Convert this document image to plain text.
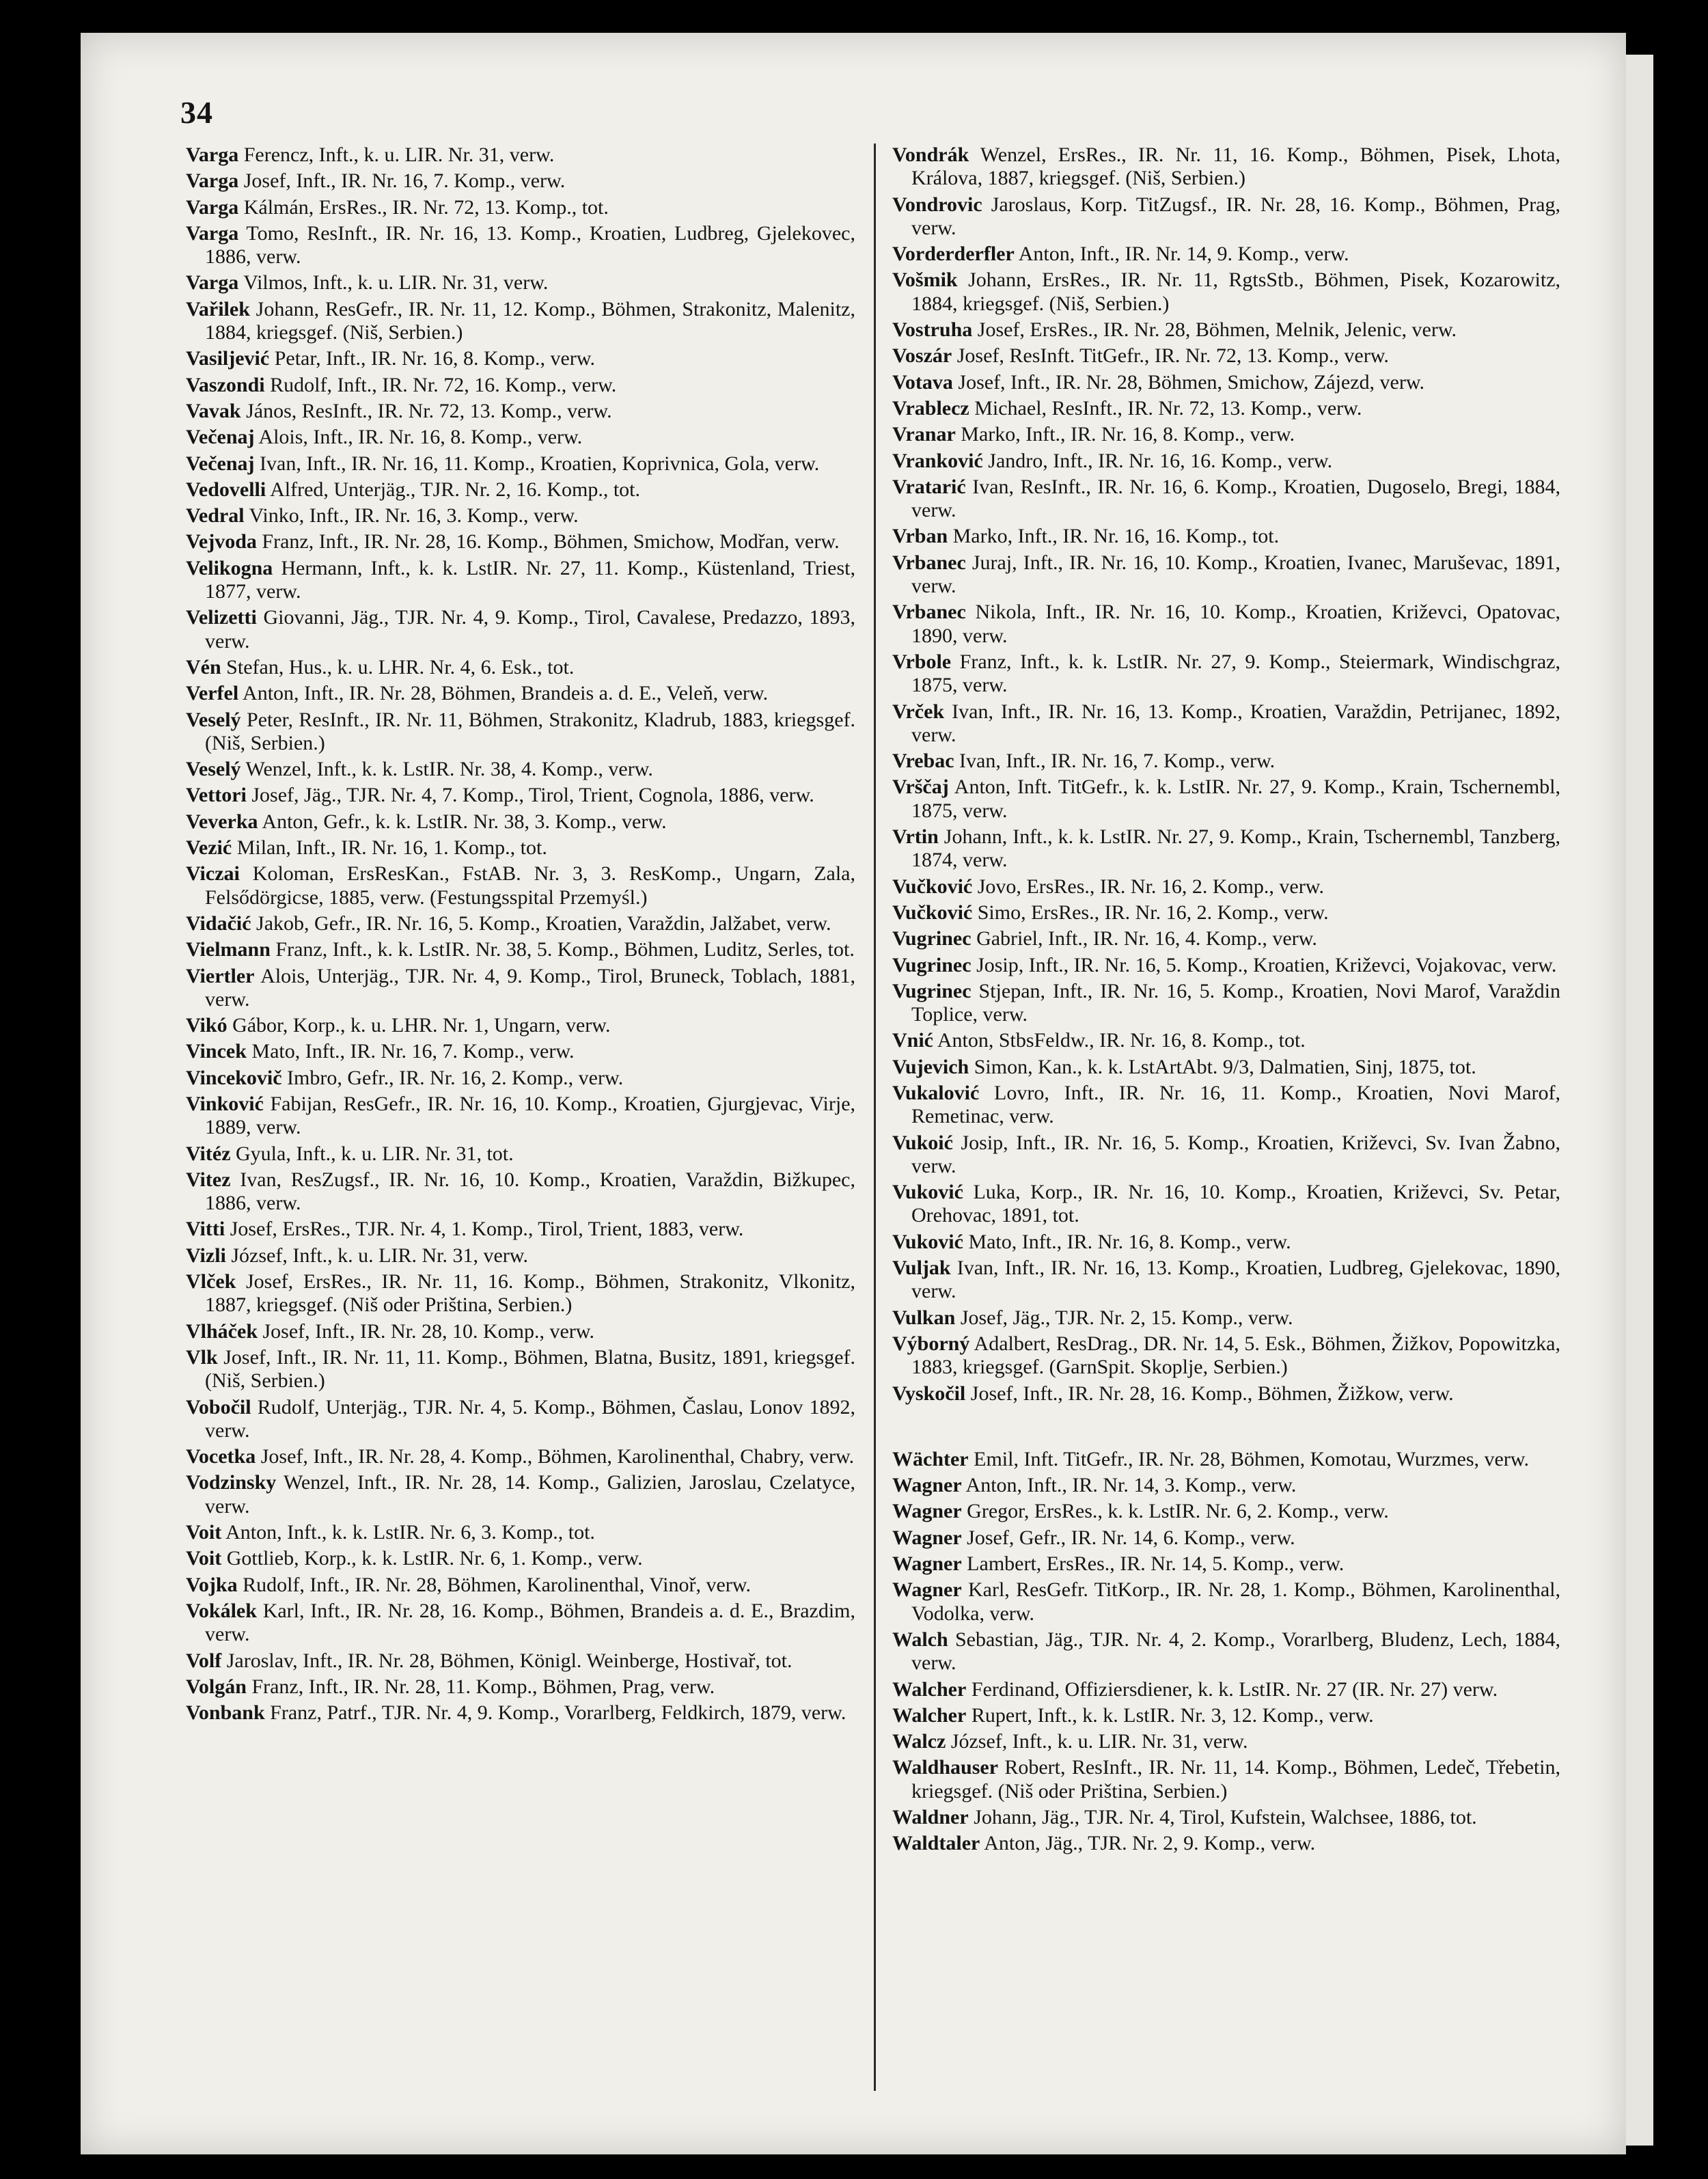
34

Varga Ferencz, Inft., k. u. LIR. Nr. 31, verw.

Varga Josef, Inft., IR. Nr. 16, 7. Komp., verw.

Varga Kálmán, ErsRes., IR. Nr. 72, 13. Komp., tot.

Varga Tomo, ResInft., IR. Nr. 16, 13. Komp., Kroatien, Ludbreg, Gjelekovec, 1886, verw.

Varga Vilmos, Inft., k. u. LIR. Nr. 31, verw.

Vařilek Johann, ResGefr., IR. Nr. 11, 12. Komp., Böhmen, Strakonitz, Malenitz, 1884, kriegsgef. (Niš, Serbien.)

Vasiljević Petar, Inft., IR. Nr. 16, 8. Komp., verw.

Vaszondi Rudolf, Inft., IR. Nr. 72, 16. Komp., verw.

Vavak János, ResInft., IR. Nr. 72, 13. Komp., verw.

Večenaj Alois, Inft., IR. Nr. 16, 8. Komp., verw.

Večenaj Ivan, Inft., IR. Nr. 16, 11. Komp., Kroatien, Koprivnica, Gola, verw.

Vedovelli Alfred, Unterjäg., TJR. Nr. 2, 16. Komp., tot.

Vedral Vinko, Inft., IR. Nr. 16, 3. Komp., verw.

Vejvoda Franz, Inft., IR. Nr. 28, 16. Komp., Böhmen, Smichow, Modřan, verw.

Velikogna Hermann, Inft., k. k. LstIR. Nr. 27, 11. Komp., Küstenland, Triest, 1877, verw.

Velizetti Giovanni, Jäg., TJR. Nr. 4, 9. Komp., Tirol, Cavalese, Predazzo, 1893, verw.

Vén Stefan, Hus., k. u. LHR. Nr. 4, 6. Esk., tot.

Verfel Anton, Inft., IR. Nr. 28, Böhmen, Brandeis a. d. E., Veleň, verw.

Veselý Peter, ResInft., IR. Nr. 11, Böhmen, Strakonitz, Kladrub, 1883, kriegsgef. (Niš, Serbien.)

Veselý Wenzel, Inft., k. k. LstIR. Nr. 38, 4. Komp., verw.

Vettori Josef, Jäg., TJR. Nr. 4, 7. Komp., Tirol, Trient, Cognola, 1886, verw.

Veverka Anton, Gefr., k. k. LstIR. Nr. 38, 3. Komp., verw.

Vezić Milan, Inft., IR. Nr. 16, 1. Komp., tot.

Viczai Koloman, ErsResKan., FstAB. Nr. 3, 3. ResKomp., Ungarn, Zala, Felsődörgicse, 1885, verw. (Festungsspital Przemyśl.)

Vidačić Jakob, Gefr., IR. Nr. 16, 5. Komp., Kroatien, Varaždin, Jalžabet, verw.

Vielmann Franz, Inft., k. k. LstIR. Nr. 38, 5. Komp., Böhmen, Luditz, Serles, tot.

Viertler Alois, Unterjäg., TJR. Nr. 4, 9. Komp., Tirol, Bruneck, Toblach, 1881, verw.

Vikó Gábor, Korp., k. u. LHR. Nr. 1, Ungarn, verw.

Vincek Mato, Inft., IR. Nr. 16, 7. Komp., verw.

Vincekovič Imbro, Gefr., IR. Nr. 16, 2. Komp., verw.

Vinković Fabijan, ResGefr., IR. Nr. 16, 10. Komp., Kroatien, Gjurgjevac, Virje, 1889, verw.

Vitéz Gyula, Inft., k. u. LIR. Nr. 31, tot.

Vitez Ivan, ResZugsf., IR. Nr. 16, 10. Komp., Kroatien, Varaždin, Bižkupec, 1886, verw.

Vitti Josef, ErsRes., TJR. Nr. 4, 1. Komp., Tirol, Trient, 1883, verw.

Vizli József, Inft., k. u. LIR. Nr. 31, verw.

Vlček Josef, ErsRes., IR. Nr. 11, 16. Komp., Böhmen, Strakonitz, Vlkonitz, 1887, kriegsgef. (Niš oder Priština, Serbien.)

Vlháček Josef, Inft., IR. Nr. 28, 10. Komp., verw.

Vlk Josef, Inft., IR. Nr. 11, 11. Komp., Böhmen, Blatna, Busitz, 1891, kriegsgef. (Niš, Serbien.)

Vobočil Rudolf, Unterjäg., TJR. Nr. 4, 5. Komp., Böhmen, Časlau, Lonov 1892, verw.

Vocetka Josef, Inft., IR. Nr. 28, 4. Komp., Böhmen, Karolinenthal, Chabry, verw.

Vodzinsky Wenzel, Inft., IR. Nr. 28, 14. Komp., Galizien, Jaroslau, Czelatyce, verw.

Voit Anton, Inft., k. k. LstIR. Nr. 6, 3. Komp., tot.

Voit Gottlieb, Korp., k. k. LstIR. Nr. 6, 1. Komp., verw.

Vojka Rudolf, Inft., IR. Nr. 28, Böhmen, Karolinenthal, Vinoř, verw.

Vokálek Karl, Inft., IR. Nr. 28, 16. Komp., Böhmen, Brandeis a. d. E., Brazdim, verw.

Volf Jaroslav, Inft., IR. Nr. 28, Böhmen, Königl. Weinberge, Hostivař, tot.

Volgán Franz, Inft., IR. Nr. 28, 11. Komp., Böhmen, Prag, verw.

Vonbank Franz, Patrf., TJR. Nr. 4, 9. Komp., Vorarlberg, Feldkirch, 1879, verw.

Vondrák Wenzel, ErsRes., IR. Nr. 11, 16. Komp., Böhmen, Pisek, Lhota, Králova, 1887, kriegsgef. (Niš, Serbien.)

Vondrovic Jaroslaus, Korp. TitZugsf., IR. Nr. 28, 16. Komp., Böhmen, Prag, verw.

Vorderderfler Anton, Inft., IR. Nr. 14, 9. Komp., verw.

Vošmik Johann, ErsRes., IR. Nr. 11, RgtsStb., Böhmen, Pisek, Kozarowitz, 1884, kriegsgef. (Niš, Serbien.)

Vostruha Josef, ErsRes., IR. Nr. 28, Böhmen, Melnik, Jelenic, verw.

Voszár Josef, ResInft. TitGefr., IR. Nr. 72, 13. Komp., verw.

Votava Josef, Inft., IR. Nr. 28, Böhmen, Smichow, Zájezd, verw.

Vrablecz Michael, ResInft., IR. Nr. 72, 13. Komp., verw.

Vranar Marko, Inft., IR. Nr. 16, 8. Komp., verw.

Vranković Jandro, Inft., IR. Nr. 16, 16. Komp., verw.

Vratarić Ivan, ResInft., IR. Nr. 16, 6. Komp., Kroatien, Dugoselo, Bregi, 1884, verw.

Vrban Marko, Inft., IR. Nr. 16, 16. Komp., tot.

Vrbanec Juraj, Inft., IR. Nr. 16, 10. Komp., Kroatien, Ivanec, Maruševac, 1891, verw.

Vrbanec Nikola, Inft., IR. Nr. 16, 10. Komp., Kroatien, Križevci, Opatovac, 1890, verw.

Vrbole Franz, Inft., k. k. LstIR. Nr. 27, 9. Komp., Steiermark, Windischgraz, 1875, verw.

Vrček Ivan, Inft., IR. Nr. 16, 13. Komp., Kroatien, Varaždin, Petrijanec, 1892, verw.

Vrebac Ivan, Inft., IR. Nr. 16, 7. Komp., verw.

Vrščaj Anton, Inft. TitGefr., k. k. LstIR. Nr. 27, 9. Komp., Krain, Tschernembl, 1875, verw.

Vrtin Johann, Inft., k. k. LstIR. Nr. 27, 9. Komp., Krain, Tschernembl, Tanzberg, 1874, verw.

Vučković Jovo, ErsRes., IR. Nr. 16, 2. Komp., verw.

Vučković Simo, ErsRes., IR. Nr. 16, 2. Komp., verw.

Vugrinec Gabriel, Inft., IR. Nr. 16, 4. Komp., verw.

Vugrinec Josip, Inft., IR. Nr. 16, 5. Komp., Kroatien, Križevci, Vojakovac, verw.

Vugrinec Stjepan, Inft., IR. Nr. 16, 5. Komp., Kroatien, Novi Marof, Varaždin Toplice, verw.

Vnić Anton, StbsFeldw., IR. Nr. 16, 8. Komp., tot.

Vujevich Simon, Kan., k. k. LstArtAbt. 9/3, Dalmatien, Sinj, 1875, tot.

Vukalović Lovro, Inft., IR. Nr. 16, 11. Komp., Kroatien, Novi Marof, Remetinac, verw.

Vukoić Josip, Inft., IR. Nr. 16, 5. Komp., Kroatien, Križevci, Sv. Ivan Žabno, verw.

Vuković Luka, Korp., IR. Nr. 16, 10. Komp., Kroatien, Križevci, Sv. Petar, Orehovac, 1891, tot.

Vuković Mato, Inft., IR. Nr. 16, 8. Komp., verw.

Vuljak Ivan, Inft., IR. Nr. 16, 13. Komp., Kroatien, Ludbreg, Gjelekovac, 1890, verw.

Vulkan Josef, Jäg., TJR. Nr. 2, 15. Komp., verw.

Výborný Adalbert, ResDrag., DR. Nr. 14, 5. Esk., Böhmen, Žižkov, Popowitzka, 1883, kriegsgef. (GarnSpit. Skoplje, Serbien.)

Vyskočil Josef, Inft., IR. Nr. 28, 16. Komp., Böhmen, Žižkow, verw.

Wächter Emil, Inft. TitGefr., IR. Nr. 28, Böhmen, Komotau, Wurzmes, verw.

Wagner Anton, Inft., IR. Nr. 14, 3. Komp., verw.

Wagner Gregor, ErsRes., k. k. LstIR. Nr. 6, 2. Komp., verw.

Wagner Josef, Gefr., IR. Nr. 14, 6. Komp., verw.

Wagner Lambert, ErsRes., IR. Nr. 14, 5. Komp., verw.

Wagner Karl, ResGefr. TitKorp., IR. Nr. 28, 1. Komp., Böhmen, Karolinenthal, Vodolka, verw.

Walch Sebastian, Jäg., TJR. Nr. 4, 2. Komp., Vorarlberg, Bludenz, Lech, 1884, verw.

Walcher Ferdinand, Offiziersdiener, k. k. LstIR. Nr. 27 (IR. Nr. 27) verw.

Walcher Rupert, Inft., k. k. LstIR. Nr. 3, 12. Komp., verw.

Walcz József, Inft., k. u. LIR. Nr. 31, verw.

Waldhauser Robert, ResInft., IR. Nr. 11, 14. Komp., Böhmen, Ledeč, Třebetin, kriegsgef. (Niš oder Priština, Serbien.)

Waldner Johann, Jäg., TJR. Nr. 4, Tirol, Kufstein, Walchsee, 1886, tot.

Waldtaler Anton, Jäg., TJR. Nr. 2, 9. Komp., verw.
